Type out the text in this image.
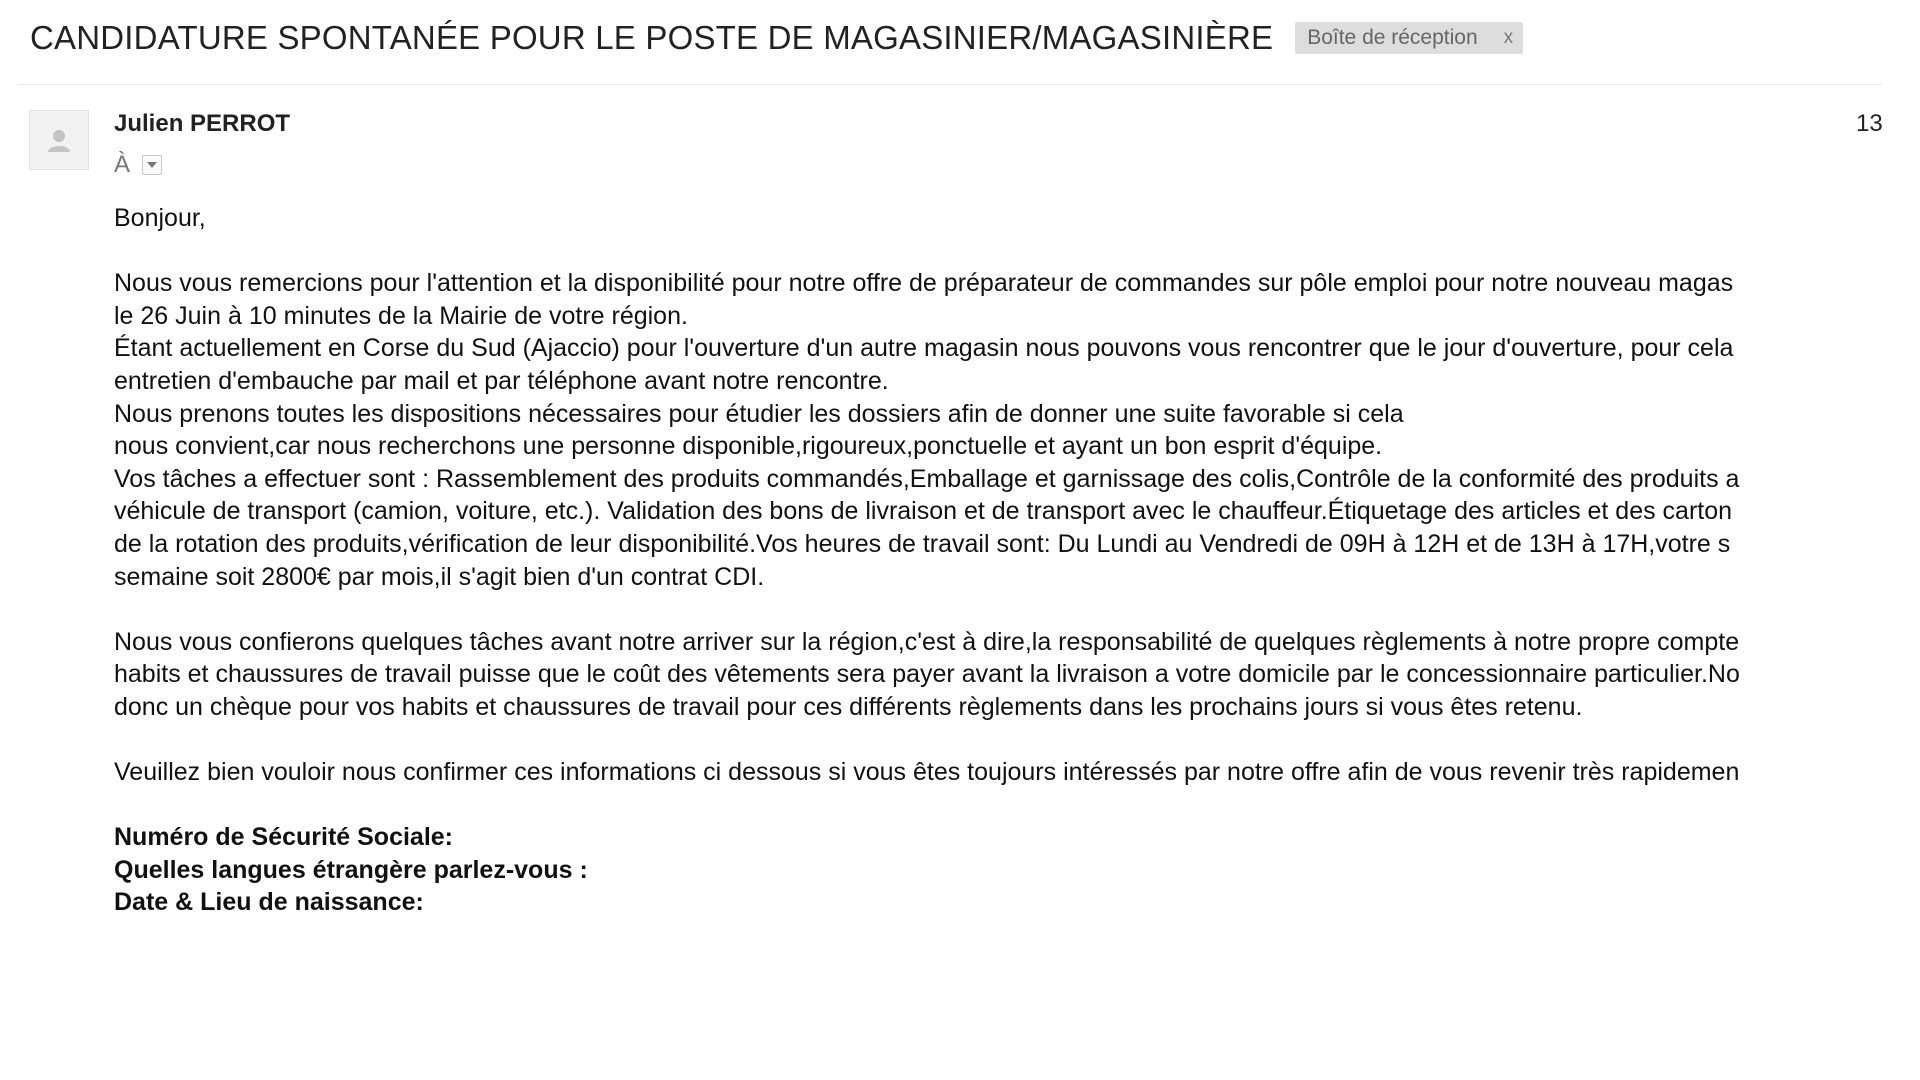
CANDIDATURE SPONTANÉE POUR LE POSTE DE MAGASINIER/MAGASINIÈRE Boîte de réception x
13
Julien PERROT
À

Bonjour,

Nous vous remercions pour l'attention et la disponibilité pour notre offre de préparateur de commandes sur pôle emploi pour notre nouveau magas

le 26 Juin à 10 minutes de la Mairie de votre région.

Étant actuellement en Corse du Sud (Ajaccio) pour l'ouverture d'un autre magasin nous pouvons vous rencontrer que le jour d'ouverture, pour cela

entretien d'embauche par mail et par téléphone avant notre rencontre.

Nous prenons toutes les dispositions nécessaires pour étudier les dossiers afin de donner une suite favorable si cela

nous convient,car nous recherchons une personne disponible,rigoureux,ponctuelle et ayant un bon esprit d'équipe.

Vos tâches a effectuer sont : Rassemblement des produits commandés,Emballage et garnissage des colis,Contrôle de la conformité des produits a

véhicule de transport (camion, voiture, etc.). Validation des bons de livraison et de transport avec le chauffeur.Étiquetage des articles et des carton

de la rotation des produits,vérification de leur disponibilité.Vos heures de travail sont: Du Lundi au Vendredi de 09H à 12H et de 13H à 17H,votre s

semaine soit 2800€ par mois,il s'agit bien d'un contrat CDI.

Nous vous confierons quelques tâches avant notre arriver sur la région,c'est à dire,la responsabilité de quelques règlements à notre propre compte

habits et chaussures de travail puisse que le coût des vêtements sera payer avant la livraison a votre domicile par le concessionnaire particulier.No

donc un chèque pour vos habits et chaussures de travail pour ces différents règlements dans les prochains jours si vous êtes retenu.

Veuillez bien vouloir nous confirmer ces informations ci dessous si vous êtes toujours intéressés par notre offre afin de vous revenir très rapidemen

Numéro de Sécurité Sociale:

Quelles langues étrangère parlez-vous :

Date & Lieu de naissance:
